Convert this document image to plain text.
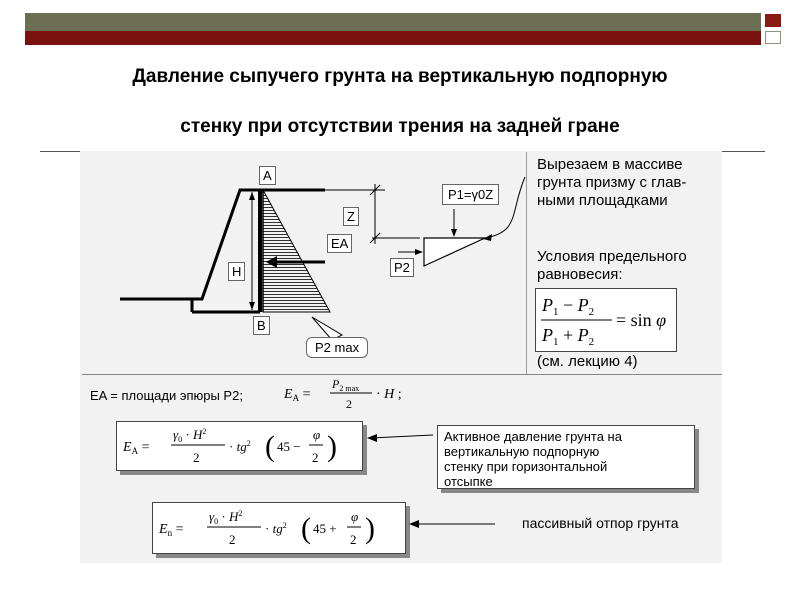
Давление сыпучего грунта на вертикальную подпорную
стенку при отсутствии трения на задней гране
A
H
B
Z
EA
P2
P1=γ0Z
P2 max
Вырезаем в массиве
грунта призму с глав-
ными площадками
Условия предельного
равновесия:
$P_1 - P_2$
$P_1 + P_2$
= sin φ
(см. лекцию 4)
EA = площади эпюры P2;	$E_A$ =
$P_{2 max}$
2
· H ;
$E_A$ =
$\gamma_0 \cdot H^2$
2
· $tg^2$ ( 45 −
φ
2 )	Активное давление грунта на
вертикальную подпорную
стенку при горизонтальной
отсыпке
$E_n$ =
$\gamma_0 \cdot H^2$
2
· $tg^2$ ( 45 +
φ
2 )	пассивный отпор грунта
